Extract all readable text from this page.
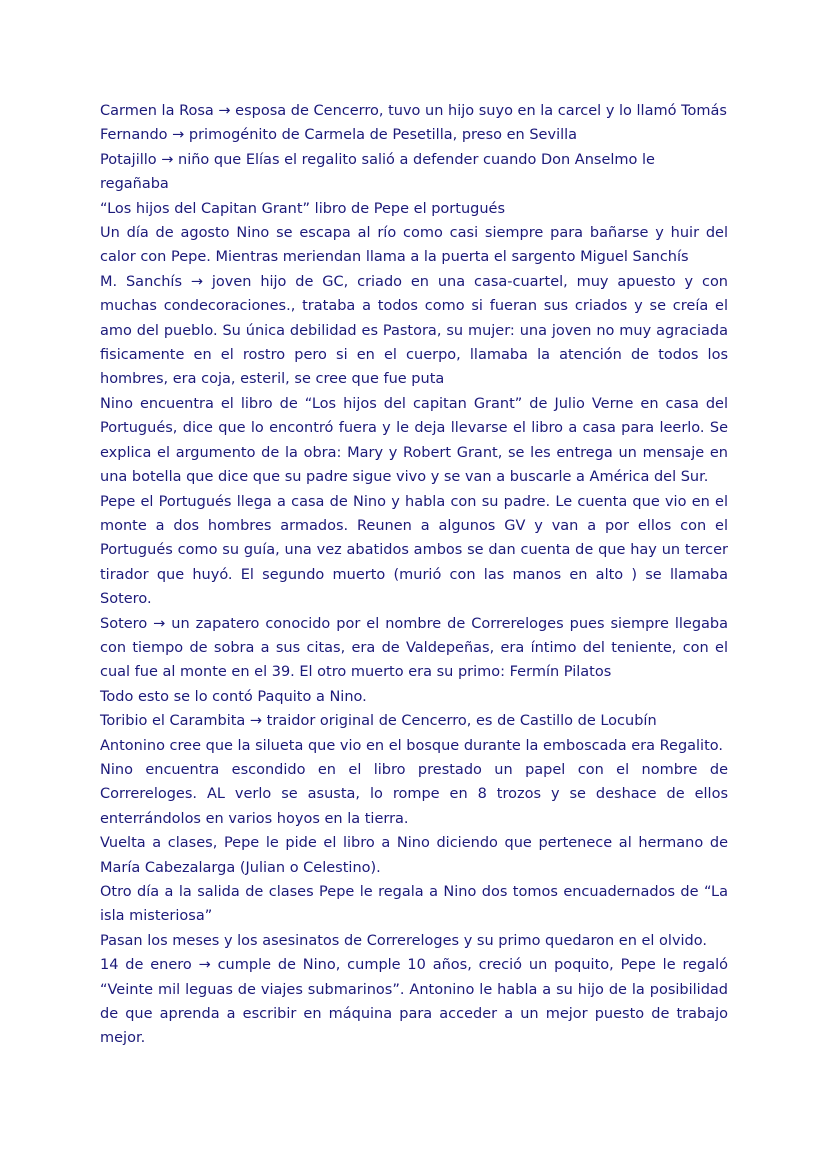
Carmen la Rosa → esposa de Cencerro, tuvo un hijo suyo en la carcel y lo llamó Tomás

Fernando → primogénito de Carmela de Pesetilla, preso en Sevilla

Potajillo → niño que Elías el regalito salió a defender cuando Don Anselmo le regañaba

“Los hijos del Capitan Grant” libro de Pepe el portugués

Un día de agosto Nino se escapa al río como casi siempre para bañarse y huir del calor con Pepe. Mientras meriendan llama a la puerta el sargento Miguel Sanchís

M. Sanchís → joven hijo de GC, criado en una casa-cuartel, muy apuesto y con muchas condecoraciones., trataba a todos como si fueran sus criados y se creía el amo del pueblo. Su única debilidad es Pastora, su mujer: una joven no muy agraciada fisicamente en el rostro pero si en el cuerpo, llamaba la atención de todos los hombres, era coja, esteril, se cree que fue puta

Nino encuentra el libro de “Los hijos del capitan Grant” de Julio Verne en casa del Portugués, dice que lo encontró fuera y le deja llevarse el libro a casa para leerlo. Se explica el argumento de la obra: Mary y Robert Grant, se les entrega un mensaje en una botella que dice que su padre sigue vivo y se van a buscarle a América del Sur.

Pepe el Portugués llega a casa de Nino y habla con su padre. Le cuenta que vio en el monte a dos hombres armados. Reunen a algunos GV y van a por ellos con el Portugués como su guía, una vez abatidos ambos se dan cuenta de que hay un tercer tirador que huyó. El segundo muerto (murió con las manos en alto ) se llamaba Sotero.

Sotero → un zapatero conocido por el nombre de Correreloges pues siempre llegaba con tiempo de sobra a sus citas, era de Valdepeñas, era íntimo del teniente, con el cual fue al monte en el 39. El otro muerto era su primo: Fermín Pilatos

Todo esto se lo contó Paquito a Nino.

Toribio el Carambita → traidor original de Cencerro, es de Castillo de Locubín

Antonino cree que la silueta que vio en el bosque durante la emboscada era Regalito.

Nino encuentra escondido en el libro prestado un papel con el nombre de Correreloges. AL verlo se asusta, lo rompe en 8 trozos y se deshace de ellos enterrándolos en varios hoyos en la tierra.

Vuelta a clases, Pepe le pide el libro a Nino diciendo que pertenece al hermano de María Cabezalarga (Julian o Celestino).

Otro día a la salida de clases Pepe le regala a Nino dos tomos encuadernados de “La isla misteriosa”

Pasan los meses y los asesinatos de Correreloges y su primo quedaron en el olvido.

14 de enero → cumple de Nino, cumple 10 años, creció un poquito, Pepe le regaló “Veinte mil leguas de viajes submarinos”. Antonino le habla a su hijo de la posibilidad de que aprenda a escribir en máquina para acceder a un mejor puesto de trabajo mejor.
